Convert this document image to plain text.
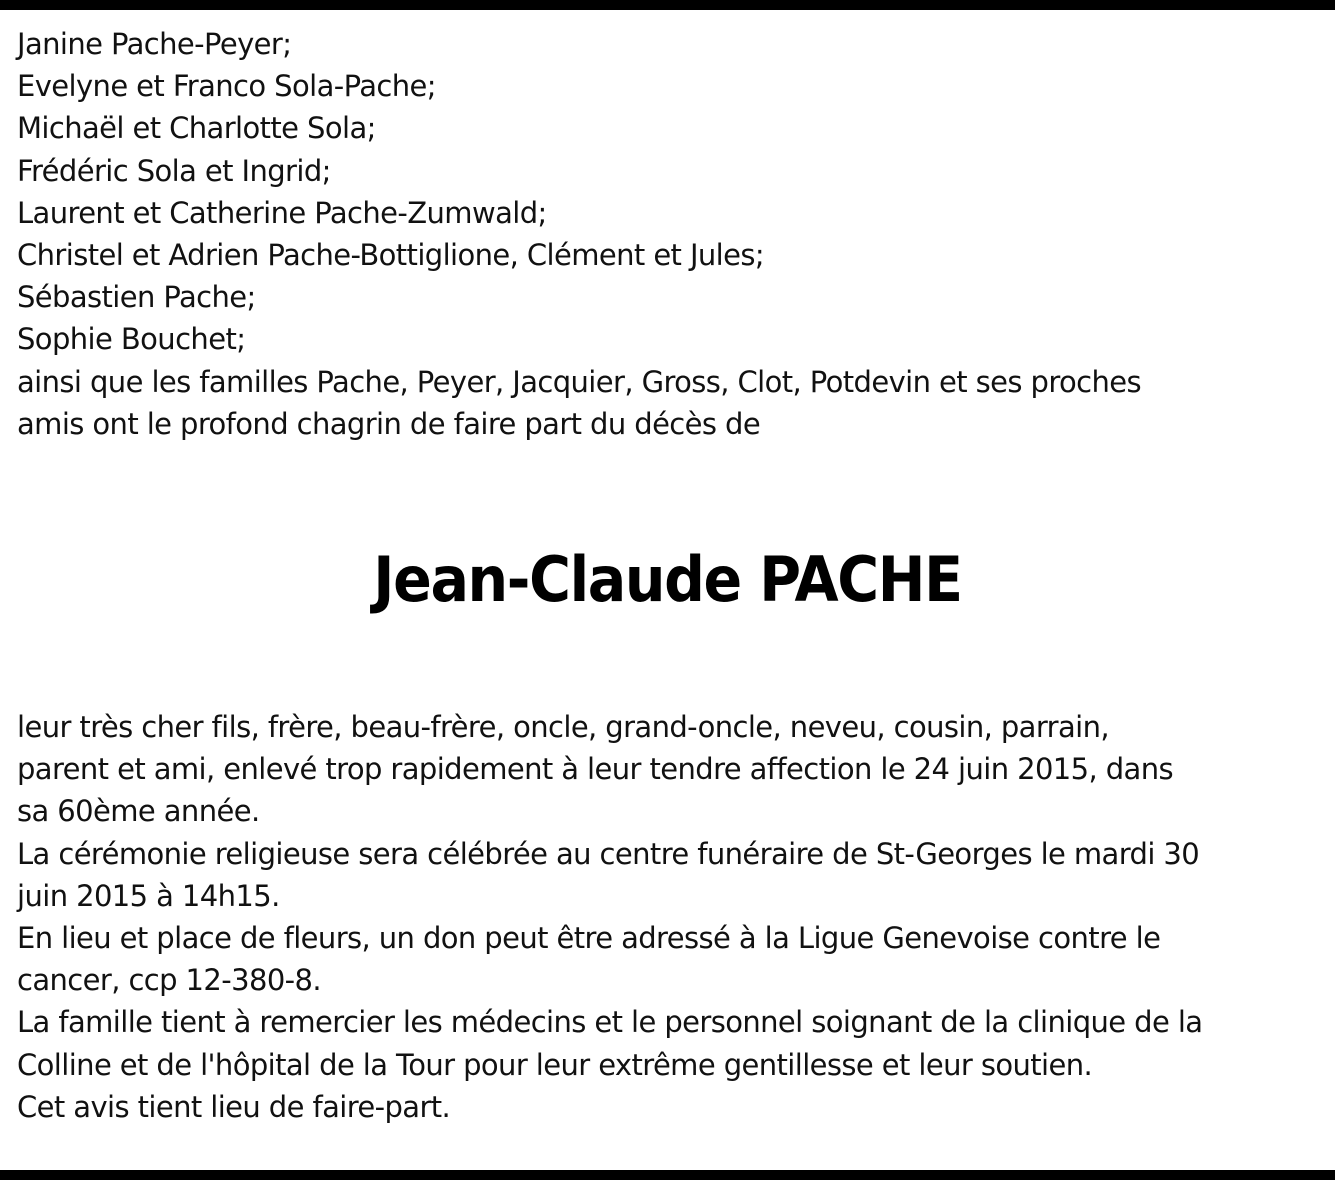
Janine Pache-Peyer;
Evelyne et Franco Sola-Pache;
Michaël et Charlotte Sola;
Frédéric Sola et Ingrid;
Laurent et Catherine Pache-Zumwald;
Christel et Adrien Pache-Bottiglione, Clément et Jules;
Sébastien Pache;
Sophie Bouchet;
ainsi que les familles Pache, Peyer, Jacquier, Gross, Clot, Potdevin et ses proches
amis ont le profond chagrin de faire part du décès de
Jean-Claude PACHE
leur très cher fils, frère, beau-frère, oncle, grand-oncle, neveu, cousin, parrain,
parent et ami, enlevé trop rapidement à leur tendre affection le 24 juin 2015, dans
sa 60ème année.
La cérémonie religieuse sera célébrée au centre funéraire de St-Georges le mardi 30
juin 2015 à 14h15.
En lieu et place de fleurs, un don peut être adressé à la Ligue Genevoise contre le
cancer, ccp 12-380-8.
La famille tient à remercier les médecins et le personnel soignant de la clinique de la
Colline et de l'hôpital de la Tour pour leur extrême gentillesse et leur soutien.
Cet avis tient lieu de faire-part.
